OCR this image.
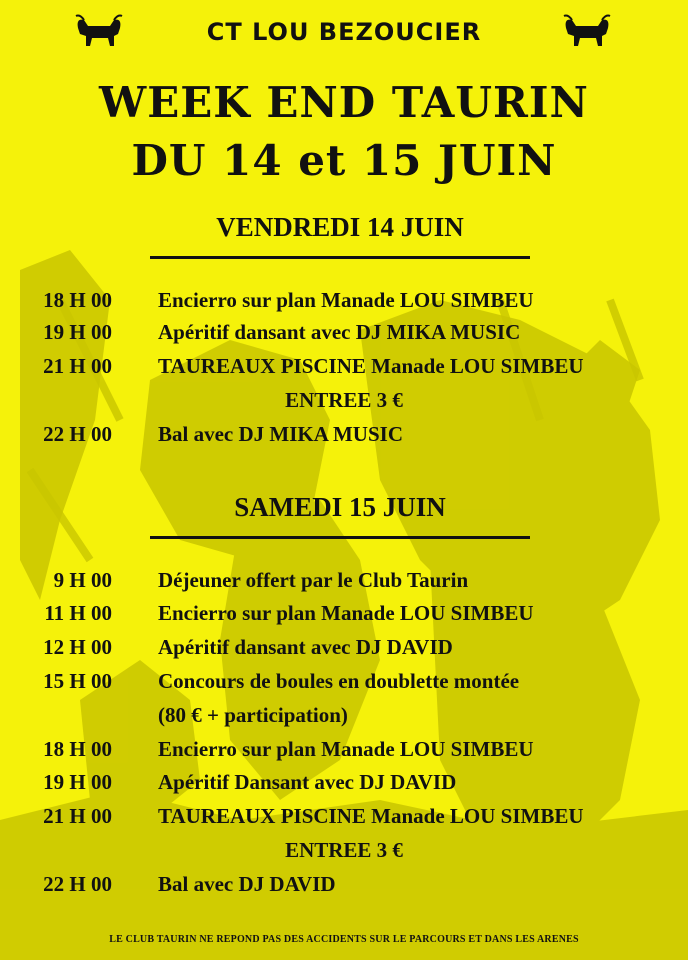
CT LOU BEZOUCIER
WEEK END TAURIN
DU 14 et 15 JUIN
VENDREDI 14 JUIN
18 H 00 Encierro sur plan Manade LOU SIMBEU
19 H 00 Apéritif dansant avec DJ MIKA MUSIC
21 H 00 TAUREAUX PISCINE Manade LOU SIMBEU
ENTREE 3 €
22 H 00 Bal avec DJ MIKA MUSIC
SAMEDI 15 JUIN
9 H 00 Déjeuner offert par le Club Taurin
11 H 00 Encierro sur plan Manade LOU SIMBEU
12 H 00 Apéritif dansant avec DJ DAVID
15 H 00 Concours de boules en doublette montée
(80 € + participation)
18 H 00 Encierro sur plan Manade LOU SIMBEU
19 H 00 Apéritif Dansant avec DJ DAVID
21 H 00 TAUREAUX PISCINE Manade LOU SIMBEU
ENTREE 3 €
22 H 00 Bal avec DJ DAVID
LE CLUB TAURIN NE REPOND PAS DES ACCIDENTS SUR LE PARCOURS ET DANS LES ARENES
